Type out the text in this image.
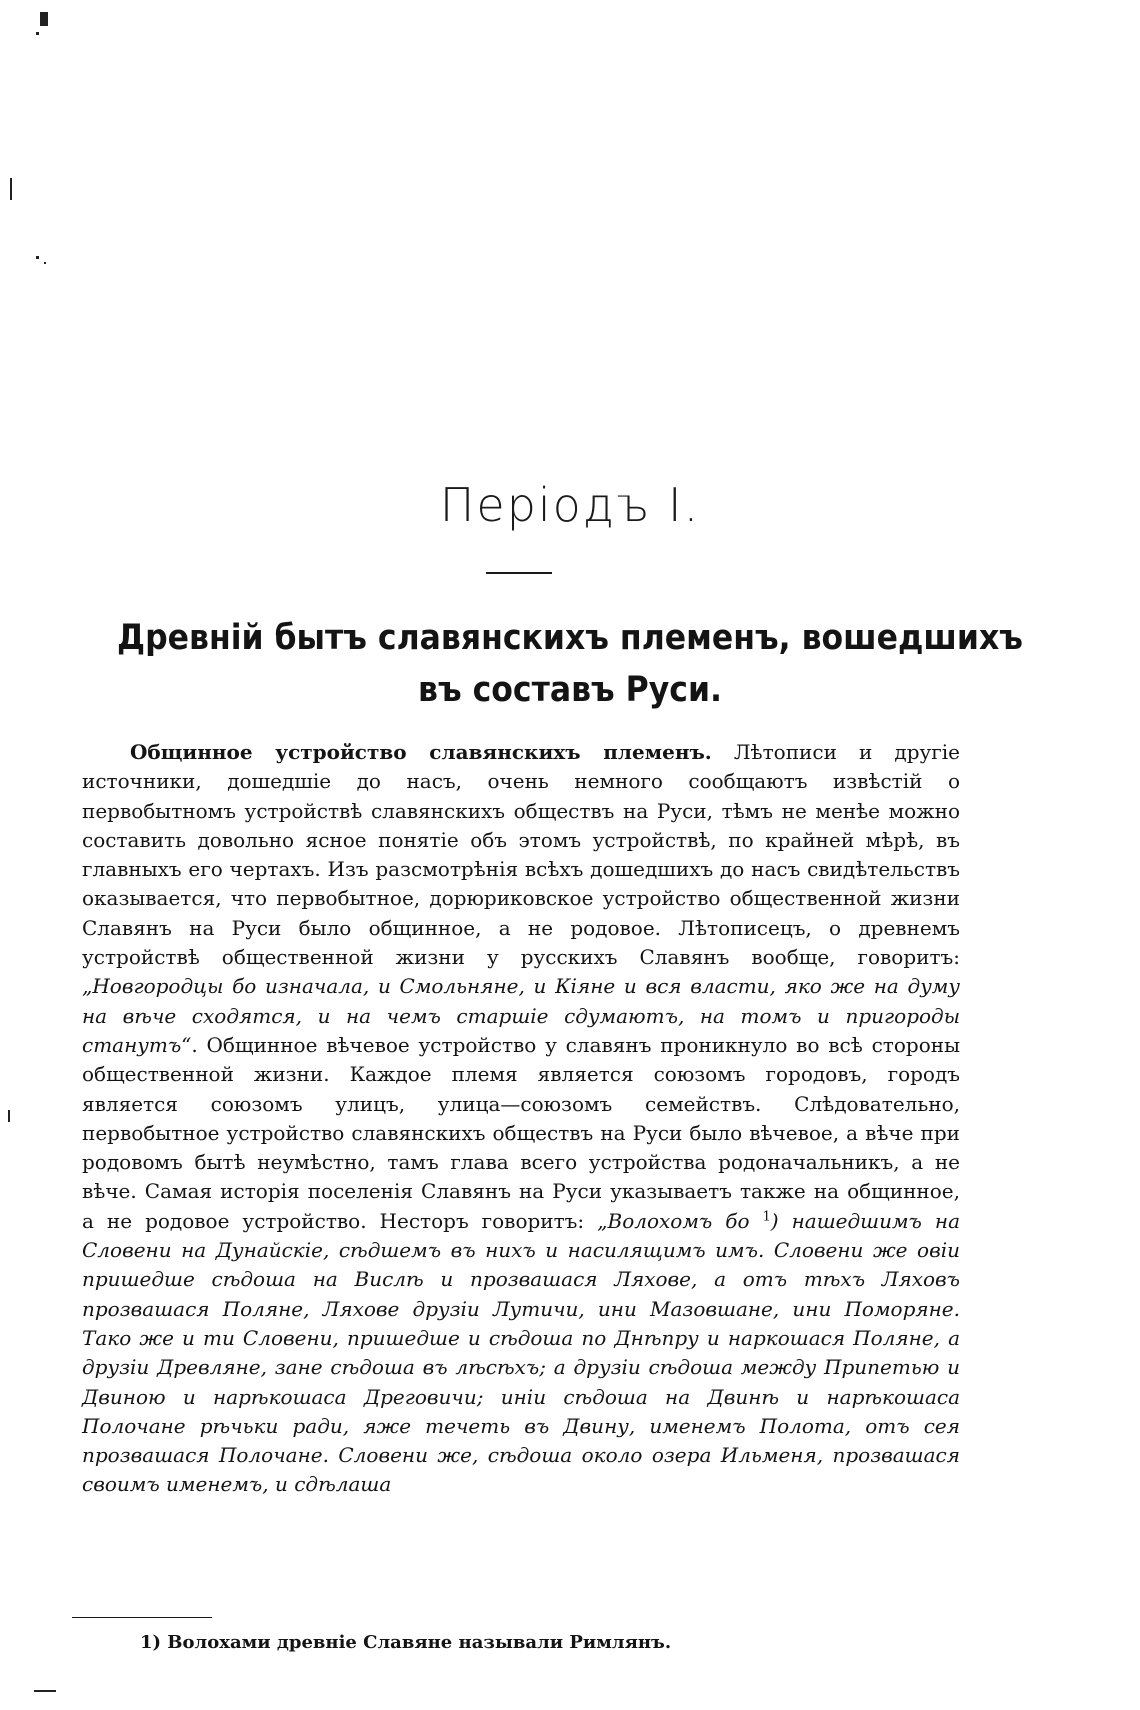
Періодъ I.
Древній бытъ славянскихъ племенъ, вошедшихъ въ составъ Руси.

Общинное устройство славянскихъ племенъ. Лѣтописи и другіе источники, дошедшіе до насъ, очень немного сообщаютъ извѣстій о первобытномъ устройствѣ славянскихъ обществъ на Руси, тѣмъ не менѣе можно составить довольно ясное понятіе объ этомъ устройствѣ, по крайней мѣрѣ, въ главныхъ его чертахъ. Изъ разсмотрѣнія всѣхъ дошедшихъ до насъ свидѣтельствъ оказывается, что первобытное, дорюриковское устройство общественной жизни Славянъ на Руси было общинное, а не родовое. Лѣтописецъ, о древнемъ устройствѣ общественной жизни у русскихъ Славянъ вообще, говоритъ: „Новгородцы бо изначала, и Смольняне, и Кіяне и вся власти, яко же на думу на вѣче сходятся, и на чемъ старшіе сдумаютъ, на томъ и пригороды станутъ“. Общинное вѣчевое устройство у славянъ проникнуло во всѣ стороны общественной жизни. Каждое племя является союзомъ городовъ, городъ является союзомъ улицъ, улица—союзомъ семействъ. Слѣдовательно, первобытное устройство славянскихъ обществъ на Руси было вѣчевое, а вѣче при родовомъ бытѣ неумѣстно, тамъ глава всего устройства родоначальникъ, а не вѣче. Самая исторія поселенія Славянъ на Руси указываетъ также на общинное, а не родовое устройство. Несторъ говоритъ: „Волохомъ бо $^1$) нашедшимъ на Словени на Дунайскіе, сѣдшемъ въ нихъ и насилящимъ имъ. Словени же овіи пришедше сѣдоша на Вислѣ и прозвашася Ляхове, а отъ тѣхъ Ляховъ прозвашася Поляне, Ляхове друзіи Лутичи, ини Мазовшане, ини Поморяне. Тако же и ти Словени, пришедше и сѣдоша по Днѣпру и наркошася Поляне, а друзіи Древляне, зане сѣдоша въ лѣсѣхъ; а друзіи сѣдоша между Припетью и Двиною и нарѣкошаса Дреговичи; иніи сѣдоша на Двинѣ и нарѣкошаса Полочане рѣчьки ради, яже течеть въ Двину, именемъ Полота, отъ сея прозвашася Полочане. Словени же, сѣдоша около озера Ильменя, прозвашася своимъ именемъ, и сдѣлаша

1) Волохами древніе Славяне называли Римлянъ.
